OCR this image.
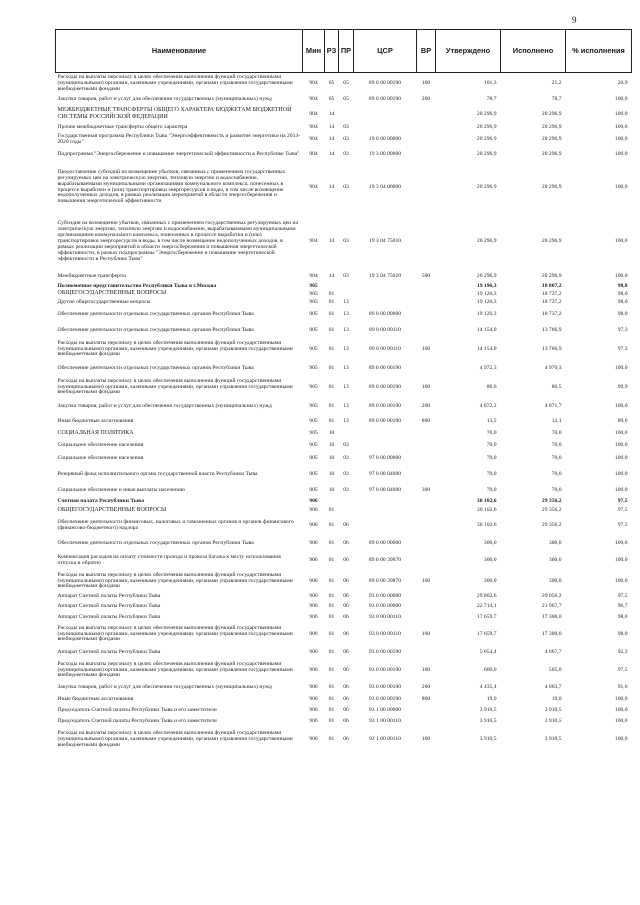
9
Наименование	Мин	РЗ	ПР	ЦСР	ВР	Утверждено	Исполнено	% исполнения
Расходы на выплаты персоналу в целях обеспечения выполнения функций государственными (муниципальными) органами, казенными учреждениями, органами управления государственными внебюджетными фондами	904	05	05	89 0 00 00190	100	101,3	21,2	20,9
Закупка товаров, работ и услуг для обеспечения государственных (муниципальных) нужд	904	05	05	89 0 00 00190	200	78,7	78,7	100,0
МЕЖБЮДЖЕТНЫЕ ТРАНСФЕРТЫ ОБЩЕГО ХАРАКТЕРА БЮДЖЕТАМ БЮДЖЕТНОЙ СИСТЕМЫ РОССИЙСКОЙ ФЕДЕРАЦИИ	904	14				20 296,9	20 296,9	100,0
Прочие межбюджетные трансферты общего характера	904	14	03			20 296,9	20 296,9	100,0
Государственная программа Республики Тыва "Энергоэффективность и развитие энергетики на 2014-2020 годы"	904	14	03	19 0 00 00000		20 296,9	20 296,9	100,0
Подпрограмма "Энергосбережение и повышение энергетической эффективности в Республике Тыва"	904	14	03	19 3 00 00000		20 296,9	20 296,9	100,0
Предоставление субсидий на возмещение убытков, связанных с применением государственных регулируемых цен на электрическую энергию, тепловую энергию и водоснабжение, вырабатываемыми муниципальными организациями коммунального комплекса, понесенных в процессе выработки и (или) транспортировки энергоресурсов и воды, в том числе возмещение недополученных доходов, в рамках реализации мероприятий в области энергосбережения и повышения энергетической эффективности	904	14	03	19 3 04 00000		20 296,9	20 296,9	100,0
Субсидия на возмещение убытков, связанных с применением государственных регулируемых цен на электрическую энергию, тепловую энергию и водоснабжение, вырабатываемыми муниципальными организациями коммунального комплекса, понесенных в процессе выработки и (или) транспортировки энергоресурсов и воды, в том числе возмещение недополученных доходов, в рамках реализации мероприятий в области энергосбережения и повышения энергетической эффективности, в рамках подпрограммы "Энергосбережение и повышение энергетической эффективности в Республике Тыва"	904	14	03	19 3 04 75010		20 296,9	20 296,9	100,0
Межбюджетные трансферты	904	14	03	19 3 04 75010	500	20 296,9	20 296,9	100,0
Полномочное представительство Республики Тыва в г.Москва	905					19 196,3	18 807,2	98,0
ОБЩЕГОСУДАРСТВЕННЫЕ ВОПРОСЫ	905	01				19 126,3	18 737,2	98,0
Другие общегосударственные вопросы	905	01	13			19 126,3	18 737,2	98,0
Обеспечение деятельности отдельных государственных органов Республики Тыва	905	01	13	89 0 00 00000		19 126,3	18 737,2	98,0
Обеспечение деятельности отдельных государственных органов Республики Тыва	905	01	13	89 0 00 00110		14 154,0	13 766,9	97,3
Расходы на выплаты персоналу в целях обеспечения выполнения функций государственными (муниципальными) органами, казенными учреждениями, органами управления государственными внебюджетными фондами	905	01	13	89 0 00 00110	100	14 154,0	13 766,9	97,3
Обеспечение деятельности отдельных государственных органов Республики Тыва	905	01	13	89 0 00 00190		4 972,3	4 970,3	100,0
Расходы на выплаты персоналу в целях обеспечения выполнения функций государственными (муниципальными) органами, казенными учреждениями, органами управления государственными внебюджетными фондами	905	01	13	89 0 00 00190	100	86,6	86,5	99,9
Закупка товаров, работ и услуг для обеспечения государственных (муниципальных) нужд	905	01	13	89 0 00 00190	200	4 872,2	4 871,7	100,0
Иные бюджетные ассигнования	905	01	13	89 0 00 00190	800	13,5	12,1	89,6
СОЦИАЛЬНАЯ ПОЛИТИКА	905	10				70,0	70,0	100,0
Социальное обеспечение населения	905	10	03			70,0	70,0	100,0
Социальное обеспечение населения	905	10	03	97 0 00 00000		70,0	70,0	100,0
Резервный фонд исполнительного органа государственной власти Республики Тыва	905	10	03	97 0 00 04000		70,0	70,0	100,0
Социальное обеспечение и иные выплаты населению	905	10	03	97 0 00 04000	300	70,0	70,0	100,0
Счетная палата Республики Тыва	906					30 102,6	29 356,2	97,5
ОБЩЕГОСУДАРСТВЕННЫЕ ВОПРОСЫ	906	01				30 102,6	29 356,2	97,5
Обеспечение деятельности финансовых, налоговых и таможенных органов и органов финансового (финансово-бюджетного) надзора	906	01	06			30 102,6	29 356,2	97,5
Обеспечение деятельности отдельных государственных органов Республики Тыва	906	01	06	89 0 00 00000		300,0	300,0	100,0
Компенсация расходов на оплату стоимости проезда и провоза багажа к месту использования отпуска и обратно	906	01	06	89 0 00 39870		300,0	300,0	100,0
Расходы на выплаты персоналу в целях обеспечения выполнения функций государственными (муниципальными) органами, казенными учреждениями, органами управления государственными внебюджетными фондами	906	01	06	89 0 00 39870	100	300,0	300,0	100,0
Аппарат Счетной палаты Республики Тыва	906	01	06	93 0 00 00000		29 802,6	29 056,2	97,5
Аппарат Счетной палаты Республики Тыва	906	01	06	93 0 00 00000		22 714,1	21 967,7	96,7
Аппарат Счетной палаты Республики Тыва	906	01	06	93 0 00 00110		17 659,7	17 300,0	98,0
Расходы на выплаты персоналу в целях обеспечения выполнения функций государственными (муниципальными) органами, казенными учреждениями, органами управления государственными внебюджетными фондами	906	01	06	93 0 00 00110	100	17 659,7	17 300,0	98,0
Аппарат Счетной палаты Республики Тыва	906	01	06	93 0 00 00190		5 054,4	4 667,7	92,3
Расходы на выплаты персоналу в целях обеспечения выполнения функций государственными (муниципальными) органами, казенными учреждениями, органами управления государственными внебюджетными фондами	906	01	06	93 0 00 00190	100	600,0	585,0	97,5
Закупка товаров, работ и услуг для обеспечения государственных (муниципальных) нужд	906	01	06	93 0 00 00190	200	4 435,4	4 063,7	91,6
Иные бюджетные ассигнования	906	01	06	93 0 00 00190	800	19,0	19,0	100,0
Председатель Счетной палаты Республики Тыва и его заместители	906	01	06	93 1 00 00000		3 910,5	3 910,5	100,0
Председатель Счетной палаты Республики Тыва и его заместители	906	01	06	93 1 00 00110		3 910,5	3 910,5	100,0
Расходы на выплаты персоналу в целях обеспечения выполнения функций государственными (муниципальными) органами, казенными учреждениями, органами управления государственными внебюджетными фондами	906	01	06	93 1 00 00110	100	3 910,5	3 910,5	100,0
